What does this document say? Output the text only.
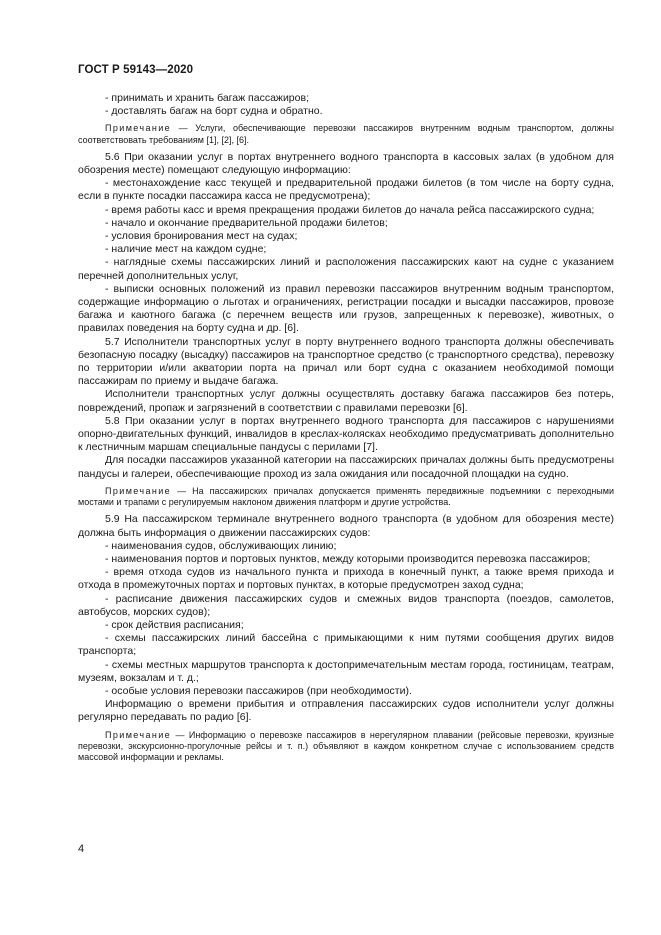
ГОСТ Р 59143—2020

- принимать и хранить багаж пассажиров;

- доставлять багаж на борт судна и обратно.

Примечание — Услуги, обеспечивающие перевозки пассажиров внутренним водным транспортом, должны соответствовать требованиям [1], [2], [6].

5.6 При оказании услуг в портах внутреннего водного транспорта в кассовых залах (в удобном для обозрения месте) помещают следующую информацию:

- местонахождение касс текущей и предварительной продажи билетов (в том числе на борту судна, если в пункте посадки пассажира касса не предусмотрена);

- время работы касс и время прекращения продажи билетов до начала рейса пассажирского судна;

- начало и окончание предварительной продажи билетов;

- условия бронирования мест на судах;

- наличие мест на каждом судне;

- наглядные схемы пассажирских линий и расположения пассажирских кают на судне с указанием перечней дополнительных услуг,

- выписки основных положений из правил перевозки пассажиров внутренним водным транспортом, содержащие информацию о льготах и ограничениях, регистрации посадки и высадки пассажиров, провозе багажа и каютного багажа (с перечнем веществ или грузов, запрещенных к перевозке), животных, о правилах поведения на борту судна и др. [6].

5.7 Исполнители транспортных услуг в порту внутреннего водного транспорта должны обеспечивать безопасную посадку (высадку) пассажиров на транспортное средство (с транспортного средства), перевозку по территории и/или акватории порта на причал или борт судна с оказанием необходимой помощи пассажирам по приему и выдаче багажа.

Исполнители транспортных услуг должны осуществлять доставку багажа пассажиров без потерь, повреждений, пропаж и загрязнений в соответствии с правилами перевозки [6].

5.8 При оказании услуг в портах внутреннего водного транспорта для пассажиров с нарушениями опорно-двигательных функций, инвалидов в креслах-колясках необходимо предусматривать дополнительно к лестничным маршам специальные пандусы с перилами [7].

Для посадки пассажиров указанной категории на пассажирских причалах должны быть предусмотрены пандусы и галереи, обеспечивающие проход из зала ожидания или посадочной площадки на судно.

Примечание — На пассажирских причалах допускается применять передвижные подъемники с переходными мостами и трапами с регулируемым наклоном движения платформ и другие устройства.

5.9 На пассажирском терминале внутреннего водного транспорта (в удобном для обозрения месте) должна быть информация о движении пассажирских судов:

- наименования судов, обслуживающих линию;

- наименования портов и портовых пунктов, между которыми производится перевозка пассажиров;

- время отхода судов из начального пункта и прихода в конечный пункт, а также время прихода и отхода в промежуточных портах и портовых пунктах, в которые предусмотрен заход судна;

- расписание движения пассажирских судов и смежных видов транспорта (поездов, самолетов, автобусов, морских судов);

- срок действия расписания;

- схемы пассажирских линий бассейна с примыкающими к ним путями сообщения других видов транспорта;

- схемы местных маршрутов транспорта к достопримечательным местам города, гостиницам, театрам, музеям, вокзалам и т. д.;

- особые условия перевозки пассажиров (при необходимости).

Информацию о времени прибытия и отправления пассажирских судов исполнители услуг должны регулярно передавать по радио [6].

Примечание — Информацию о перевозке пассажиров в нерегулярном плавании (рейсовые перевозки, круизные перевозки, экскурсионно-прогулочные рейсы и т. п.) объявляют в каждом конкретном случае с использованием средств массовой информации и рекламы.

4
